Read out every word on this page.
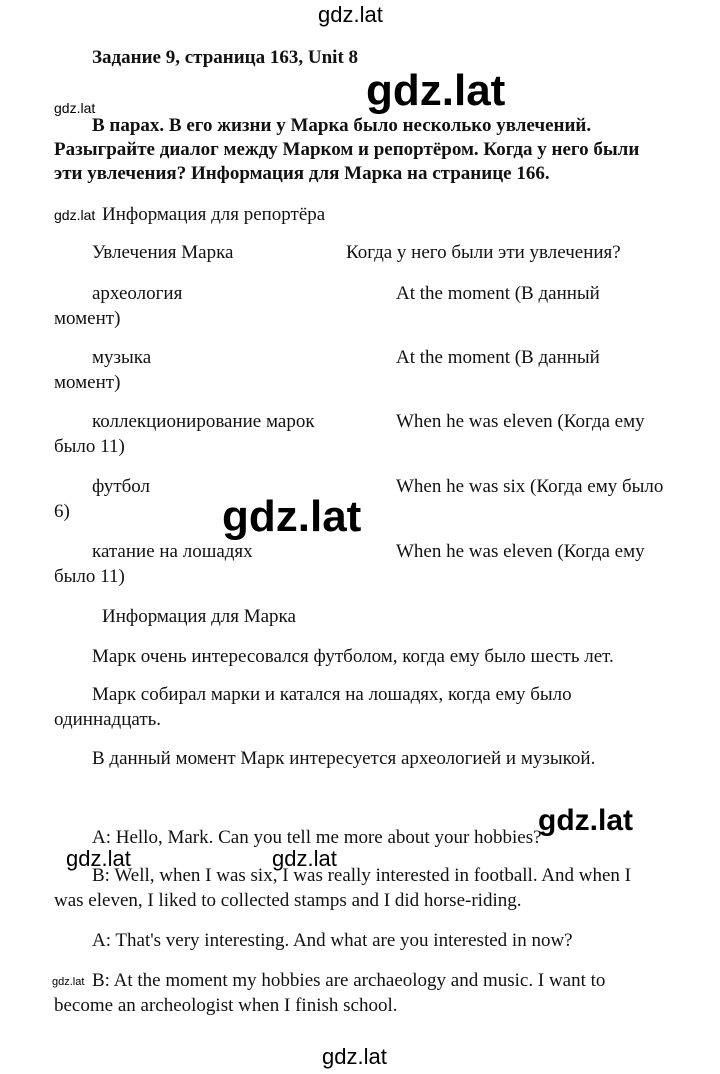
Задание 9, страница 163, Unit 8
В парах. В его жизни у Марка было несколько увлечений.
Разыграйте диалог между Марком и репортёром. Когда у него были
эти увлечения? Информация для Марка на странице 166.
Информация для репортёра
Увлечения Марка	Когда у него были эти увлечения?
археология	At the moment (В данный
момент)
музыка	At the moment (В данный
момент)
коллекционирование марок	When he was eleven (Когда ему
было 11)
футбол	When he was six (Когда ему было
6)
катание на лошадях	When he was eleven (Когда ему
было 11)
Информация для Марка
Марк очень интересовался футболом, когда ему было шесть лет.
Марк собирал марки и катался на лошадях, когда ему было
одиннадцать.
В данный момент Марк интересуется археологией и музыкой.
A: Hello, Mark. Can you tell me more about your hobbies?
B: Well, when I was six, I was really interested in football. And when I
was eleven, I liked to collected stamps and I did horse-riding.
A: That's very interesting. And what are you interested in now?
B: At the moment my hobbies are archaeology and music. I want to
become an archeologist when I finish school.
gdz.lat
gdz.lat
gdz.lat
gdz.lat
gdz.lat
gdz.lat
gdz.lat	gdz.lat
gdz.lat
gdz.lat
